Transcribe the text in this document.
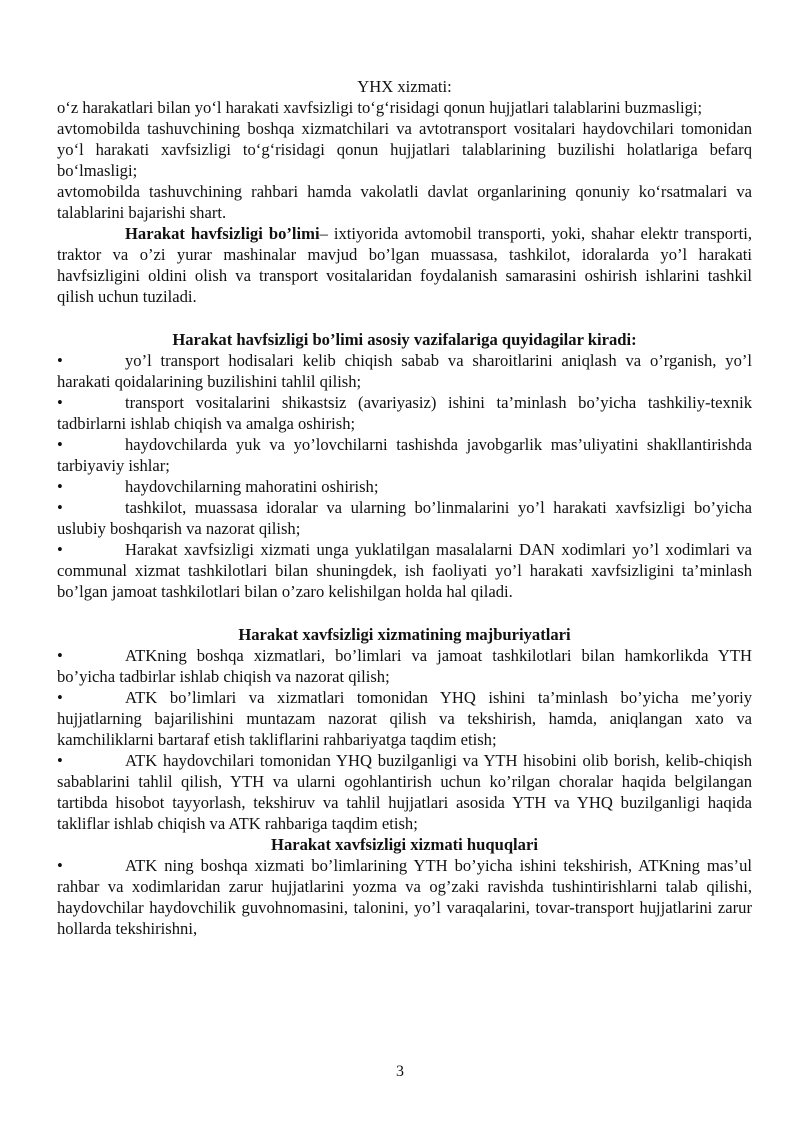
YHX xizmati:

o‘z harakatlari bilan yo‘l harakati xavfsizligi to‘g‘risidagi qonun hujjatlari talablarini buzmasligi;

avtomobilda tashuvchining boshqa xizmatchilari va avtotransport vositalari haydovchilari tomonidan yo‘l harakati xavfsizligi to‘g‘risidagi qonun hujjatlari talablarining buzilishi holatlariga befarq bo‘lmasligi;

avtomobilda tashuvchining rahbari hamda vakolatli davlat organlarining qonuniy ko‘rsatmalari va talablarini bajarishi shart.

Harakat havfsizligi bo’limi– ixtiyorida avtomobil transporti, yoki, shahar elektr transporti, traktor va o’zi yurar mashinalar mavjud bo’lgan muassasa, tashkilot, idoralarda yo’l harakati havfsizligini oldini olish va transport vositalaridan foydalanish samarasini oshirish ishlarini tashkil qilish uchun tuziladi.

Harakat havfsizligi bo’limi asosiy vazifalariga quyidagilar kiradi:

•	yo’l transport hodisalari kelib chiqish sabab va sharoitlarini aniqlash va o’rganish, yo’l harakati qoidalarining buzilishini tahlil qilish;

•	transport vositalarini shikastsiz (avariyasiz) ishini ta’minlash bo’yicha tashkiliy-texnik tadbirlarni ishlab chiqish va amalga oshirish;

•	haydovchilarda yuk va yo’lovchilarni tashishda javobgarlik mas’uliyatini shakllantirishda tarbiyaviy ishlar;

•	haydovchilarning mahoratini oshirish;

•	tashkilot, muassasa idoralar va ularning bo’linmalarini yo’l harakati xavfsizligi bo’yicha uslubiy boshqarish va nazorat qilish;

•	Harakat xavfsizligi xizmati unga yuklatilgan masalalarni DAN xodimlari yo’l xodimlari va communal xizmat tashkilotlari bilan shuningdek, ish faoliyati yo’l harakati xavfsizligini ta’minlash bo’lgan jamoat tashkilotlari bilan o’zaro kelishilgan holda hal qiladi.

Harakat xavfsizligi xizmatining majburiyatlari

•	ATKning boshqa xizmatlari, bo’limlari va jamoat tashkilotlari bilan hamkorlikda YTH bo’yicha tadbirlar ishlab chiqish va nazorat qilish;

•	ATK bo’limlari va xizmatlari tomonidan YHQ ishini ta’minlash bo’yicha me’yoriy hujjatlarning bajarilishini muntazam nazorat qilish va tekshirish, hamda, aniqlangan xato va kamchiliklarni bartaraf etish takliflarini rahbariyatga taqdim etish;

•	ATK haydovchilari tomonidan YHQ buzilganligi va YTH hisobini olib borish, kelib-chiqish sabablarini tahlil qilish, YTH va ularni ogohlantirish uchun ko’rilgan choralar haqida belgilangan tartibda hisobot tayyorlash, tekshiruv va tahlil hujjatlari asosida YTH va YHQ buzilganligi haqida takliflar ishlab chiqish va ATK rahbariga taqdim etish;

Harakat xavfsizligi xizmati huquqlari

•	ATK ning boshqa xizmati bo’limlarining YTH bo’yicha ishini tekshirish, ATKning mas’ul rahbar va xodimlaridan zarur hujjatlarini yozma va og’zaki ravishda tushintirishlarni talab qilishi, haydovchilar haydovchilik guvohnomasini, talonini, yo’l varaqalarini, tovar-transport hujjatlarini zarur hollarda tekshirishni,

3
